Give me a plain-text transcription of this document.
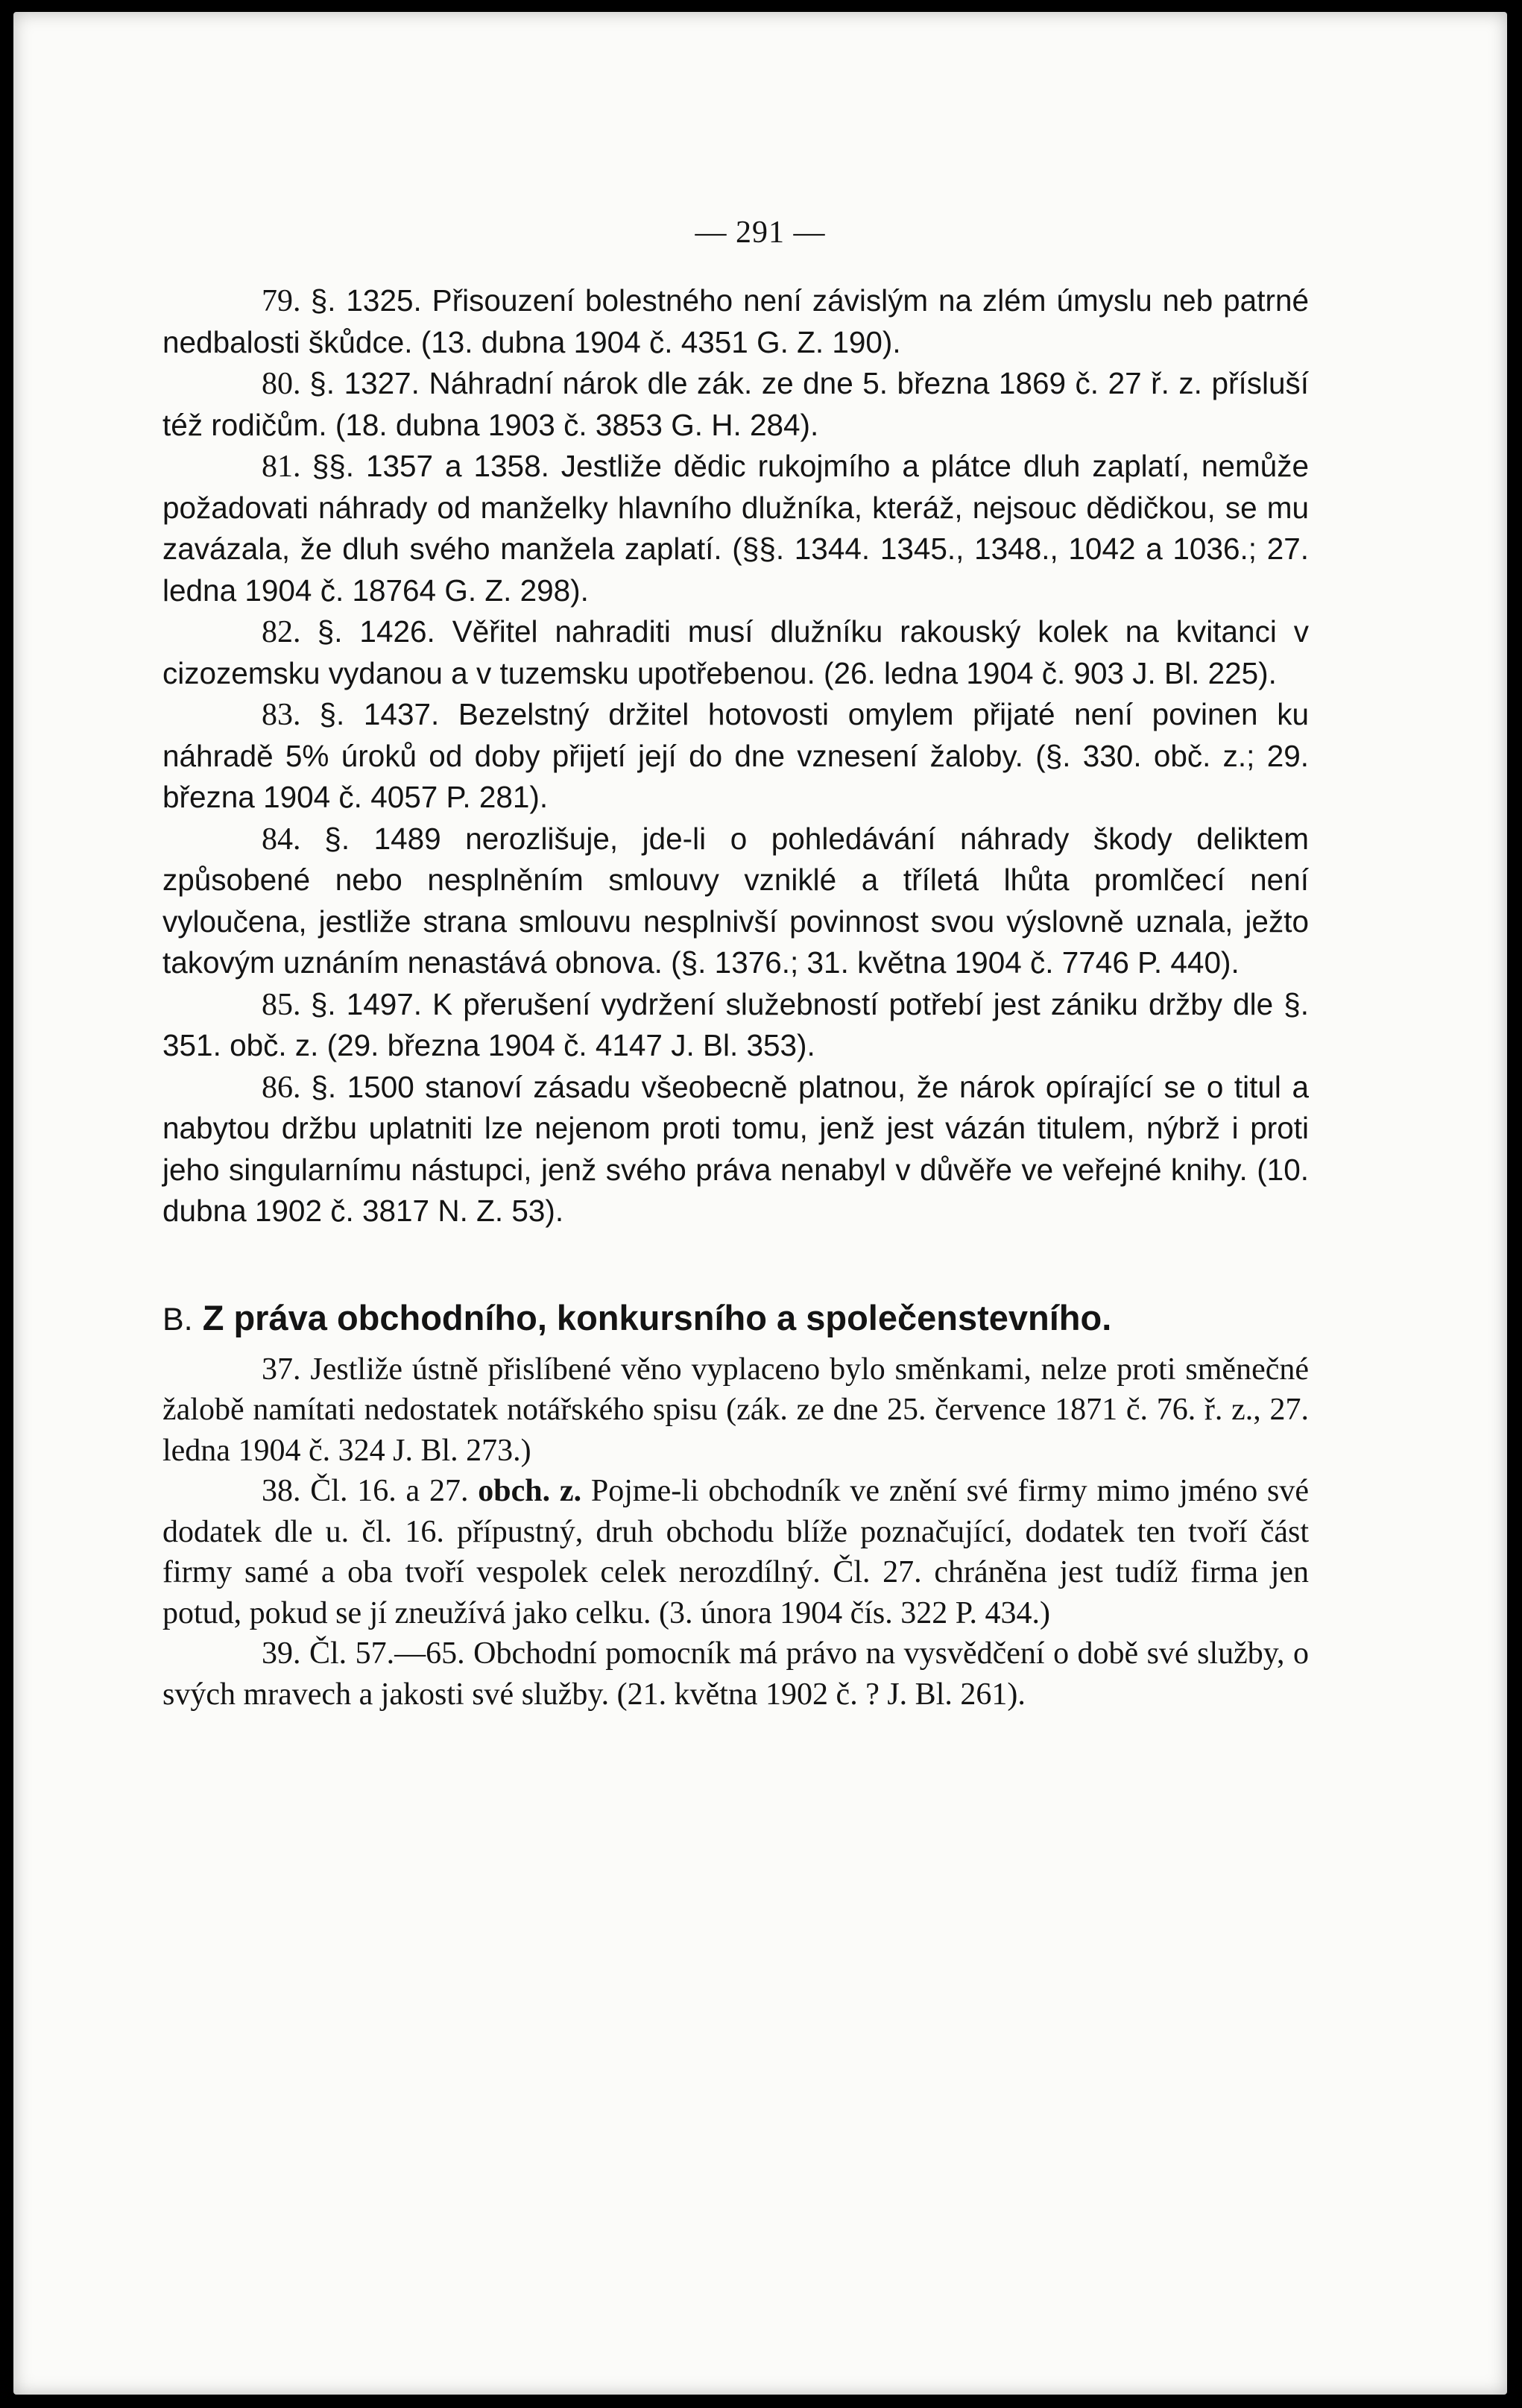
— 291 —

79. §. 1325. Přisouzení bolestného není závislým na zlém úmyslu neb patrné nedbalosti škůdce. (13. dubna 1904 č. 4351 G. Z. 190).

80. §. 1327. Náhradní nárok dle zák. ze dne 5. března 1869 č. 27 ř. z. přísluší též rodičům. (18. dubna 1903 č. 3853 G. H. 284).

81. §§. 1357 a 1358. Jestliže dědic rukojmího a plátce dluh zaplatí, nemůže požadovati náhrady od manželky hlavního dlužníka, kteráž, nejsouc dědičkou, se mu zavázala, že dluh svého manžela zaplatí. (§§. 1344. 1345., 1348., 1042 a 1036.; 27. ledna 1904 č. 18764 G. Z. 298).

82. §. 1426. Věřitel nahraditi musí dlužníku rakouský kolek na kvitanci v cizozemsku vydanou a v tuzemsku upotřebenou. (26. ledna 1904 č. 903 J. Bl. 225).

83. §. 1437. Bezelstný držitel hotovosti omylem přijaté není povinen ku náhradě 5% úroků od doby přijetí její do dne vznesení žaloby. (§. 330. obč. z.; 29. března 1904 č. 4057 P. 281).

84. §. 1489 nerozlišuje, jde-li o pohledávání náhrady škody deliktem způsobené nebo nesplněním smlouvy vzniklé a tříletá lhůta promlčecí není vyloučena, jestliže strana smlouvu nesplnivší povinnost svou výslovně uznala, ježto takovým uznáním nenastává obnova. (§. 1376.; 31. května 1904 č. 7746 P. 440).

85. §. 1497. K přerušení vydržení služebností potřebí jest zániku držby dle §. 351. obč. z. (29. března 1904 č. 4147 J. Bl. 353).

86. §. 1500 stanoví zásadu všeobecně platnou, že nárok opírající se o titul a nabytou držbu uplatniti lze nejenom proti tomu, jenž jest vázán titulem, nýbrž i proti jeho singularnímu nástupci, jenž svého práva nenabyl v důvěře ve veřejné knihy. (10. dubna 1902 č. 3817 N. Z. 53).

B. Z práva obchodního, konkursního a společenstevního.

37. Jestliže ústně přislíbené věno vyplaceno bylo směnkami, nelze proti směnečné žalobě namítati nedostatek notářského spisu (zák. ze dne 25. července 1871 č. 76. ř. z., 27. ledna 1904 č. 324 J. Bl. 273.)

38. Čl. 16. a 27. obch. z. Pojme-li obchodník ve znění své firmy mimo jméno své dodatek dle u. čl. 16. přípustný, druh obchodu blíže poznačující, dodatek ten tvoří část firmy samé a oba tvoří vespolek celek nerozdílný. Čl. 27. chráněna jest tudíž firma jen potud, pokud se jí zneužívá jako celku. (3. února 1904 čís. 322 P. 434.)

39. Čl. 57.—65. Obchodní pomocník má právo na vysvědčení o době své služby, o svých mravech a jakosti své služby. (21. května 1902 č. ? J. Bl. 261).
